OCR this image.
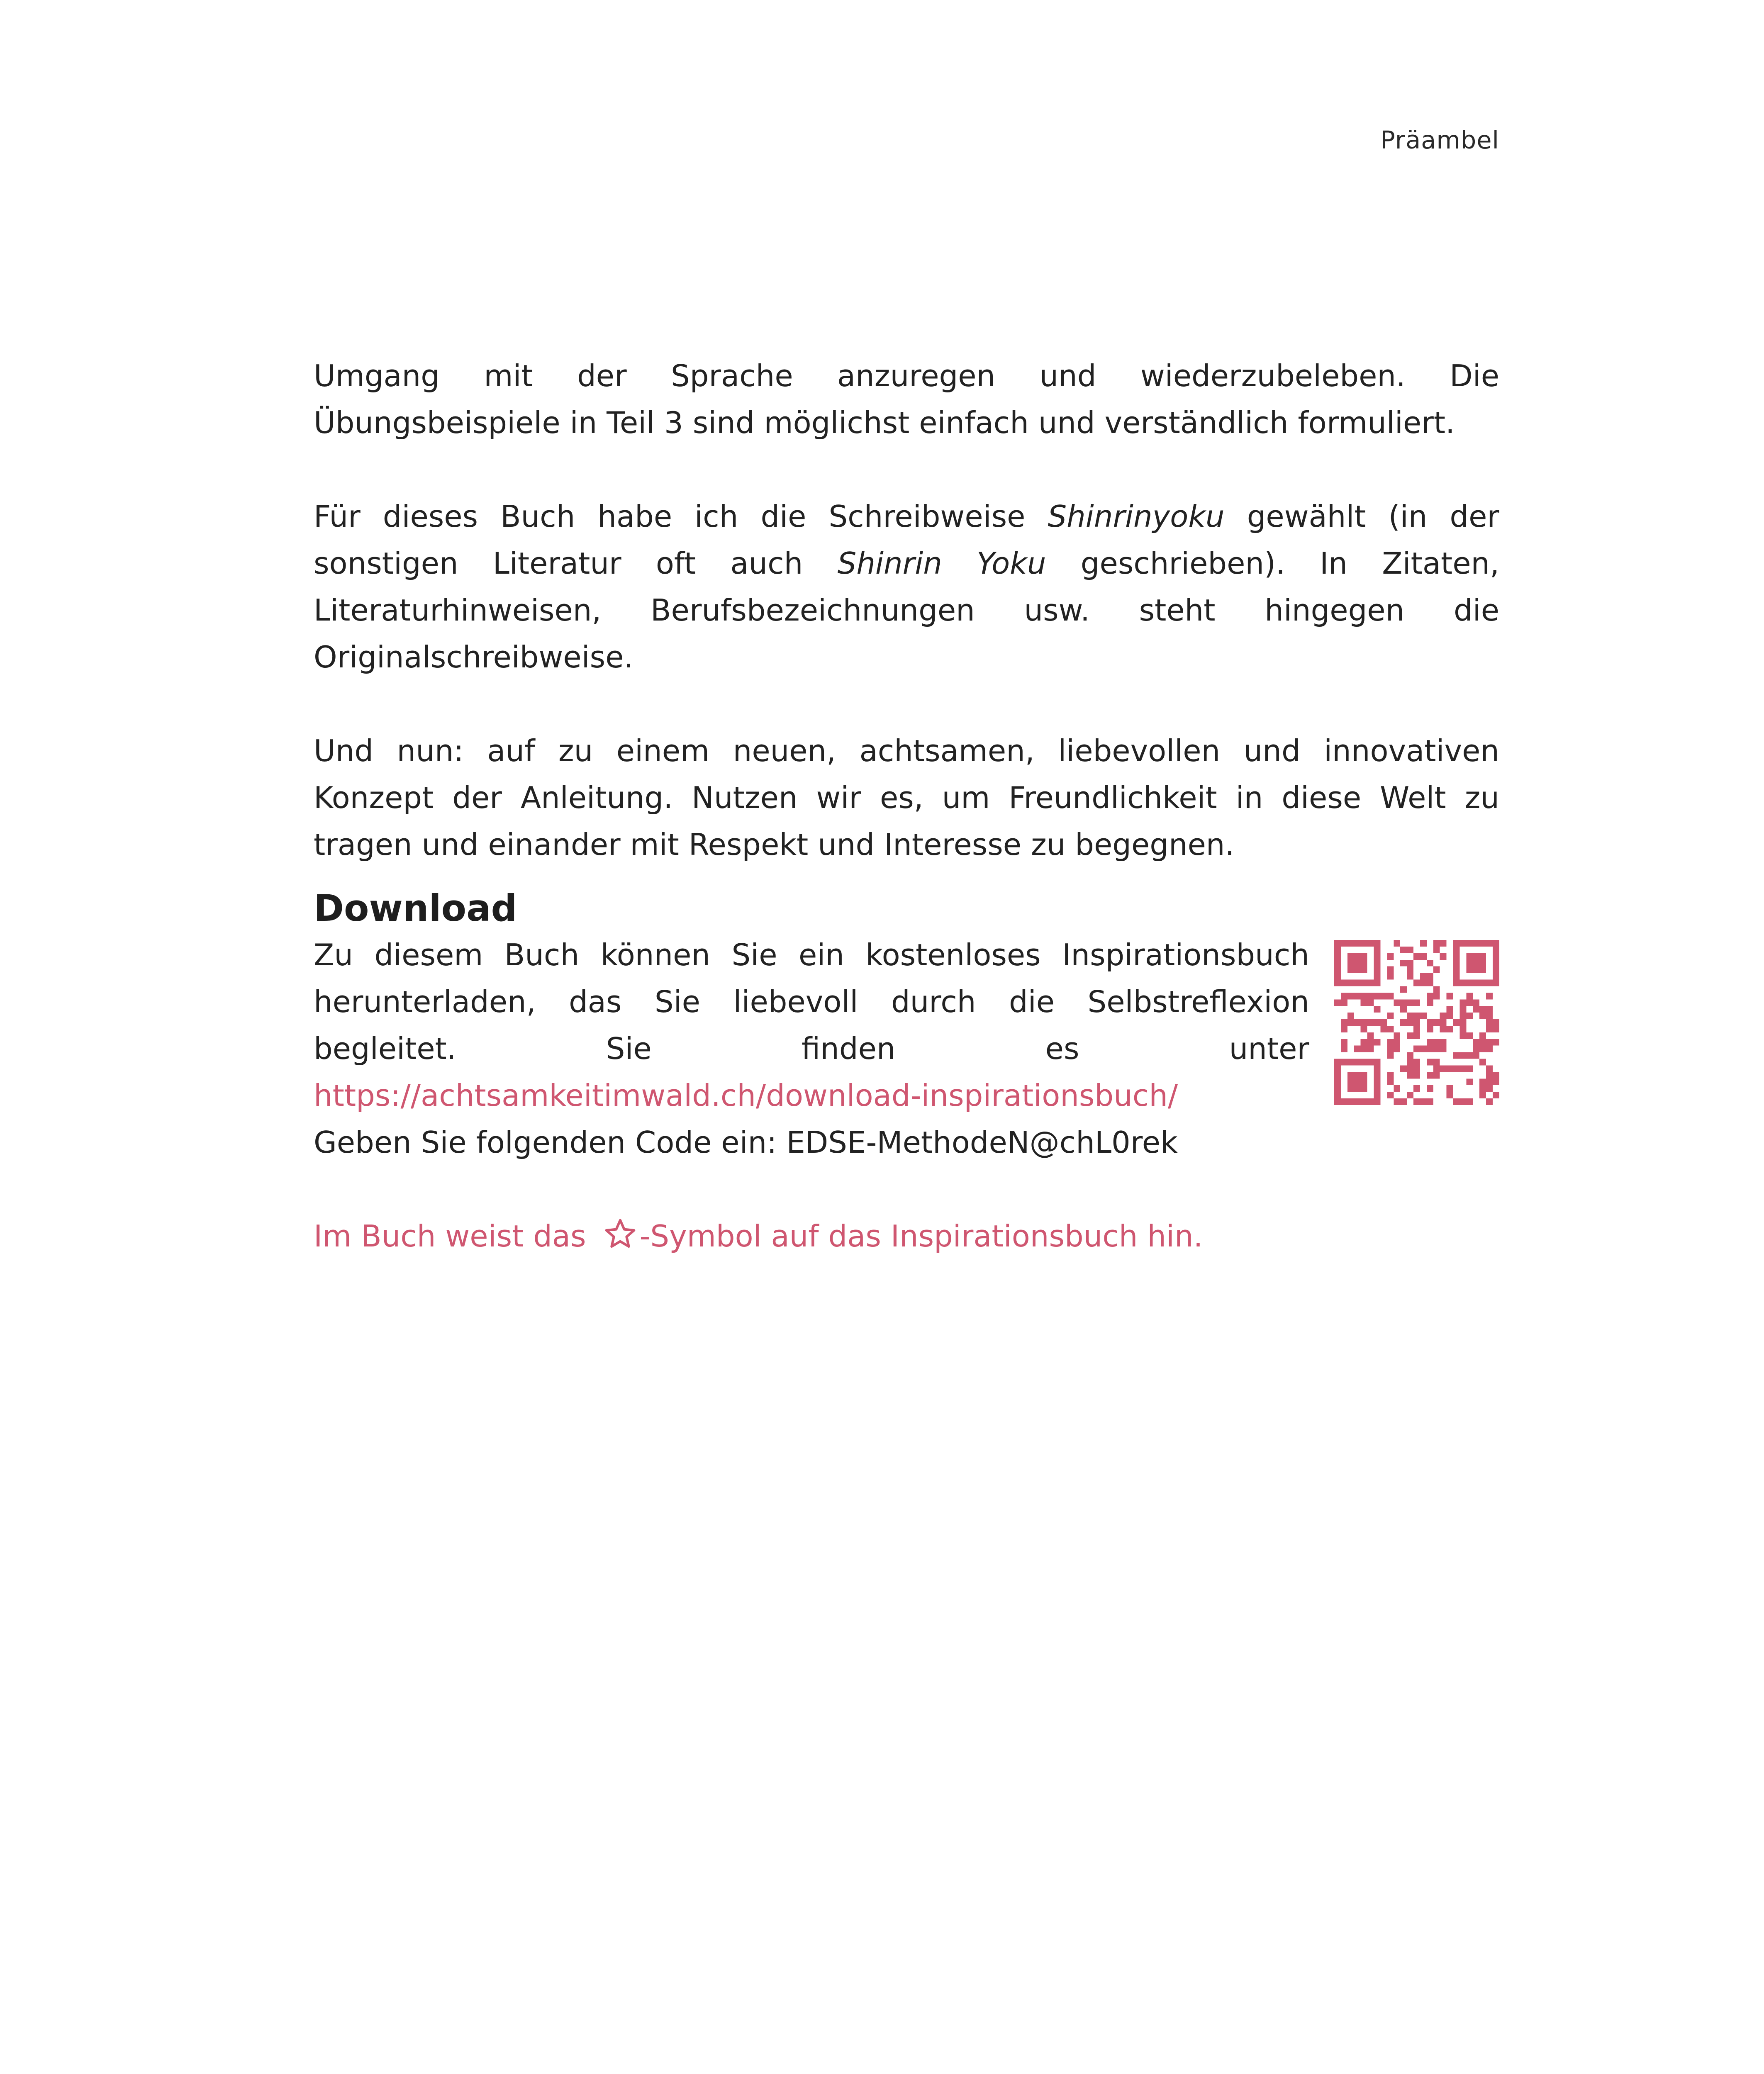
Präambel

Umgang mit der Sprache anzuregen und wiederzubeleben. Die Übungsbeispiele in Teil 3 sind möglichst einfach und verständlich formuliert.

Für dieses Buch habe ich die Schreibweise Shinrinyoku gewählt (in der sonstigen Literatur oft auch Shinrin Yoku geschrieben). In Zitaten, Literaturhinweisen, Berufsbezeichnungen usw. steht hingegen die Originalschreibweise.

Und nun: auf zu einem neuen, achtsamen, liebevollen und innovativen Konzept der Anleitung. Nutzen wir es, um Freundlichkeit in diese Welt zu tragen und einander mit Respekt und Interesse zu begegnen.

Download

Zu diesem Buch können Sie ein kostenloses Inspirationsbuch herunterladen, das Sie liebevoll durch die Selbstreflexion begleitet. Sie finden es unter https://achtsamkeitimwald.ch/download-inspirationsbuch/

Geben Sie folgenden Code ein: EDSE-MethodeN@chL0rek

Im Buch weist das -Symbol auf das Inspirationsbuch hin.
